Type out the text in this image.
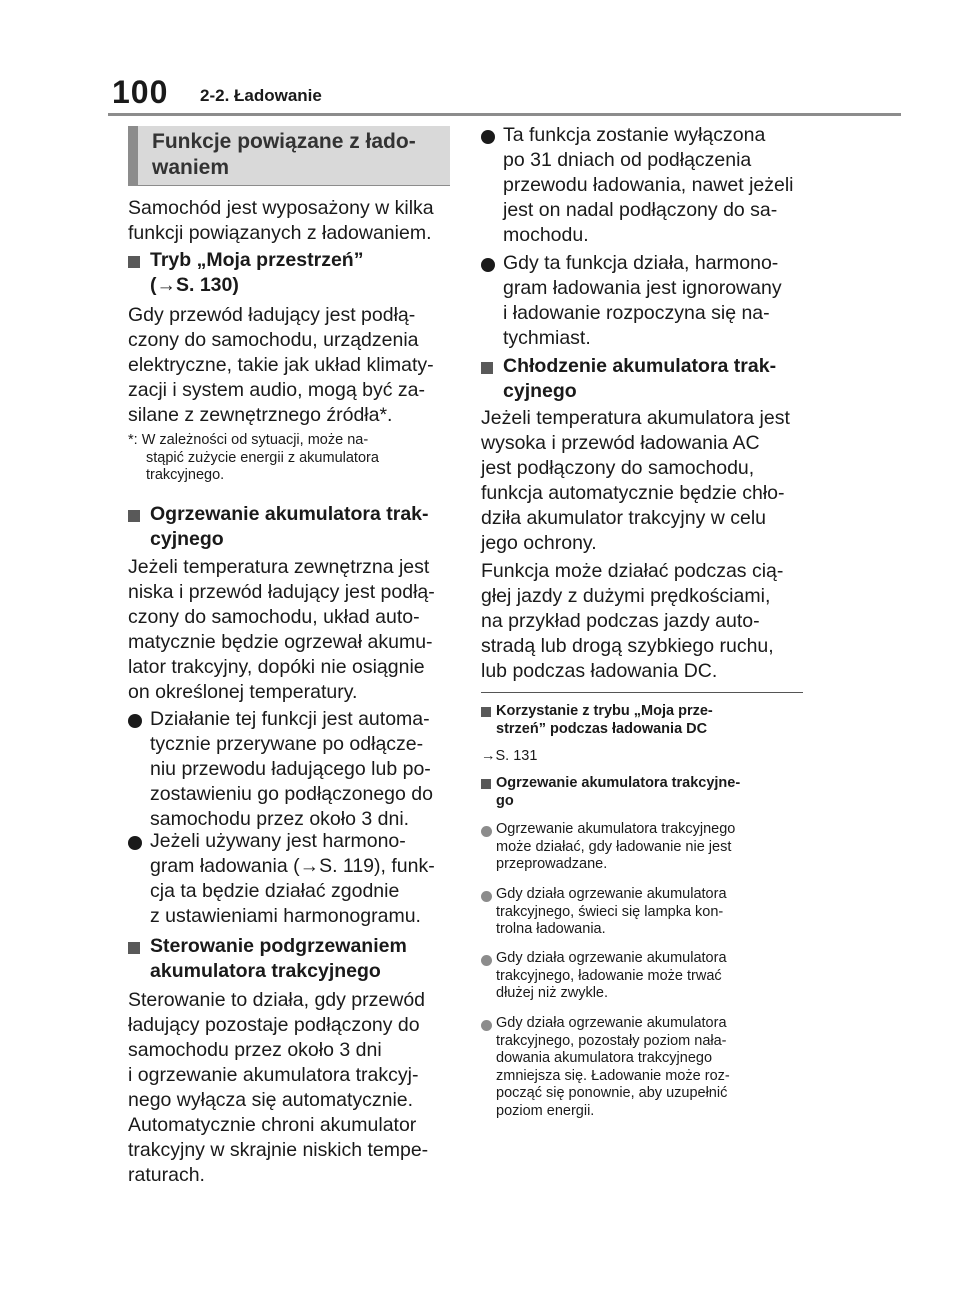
100 2-2. Ładowanie
Funkcje powiązane z łado-
waniem
Samochód jest wyposażony w kilka
funkcji powiązanych z ładowaniem.
Tryb „Moja przestrzeń”
(→S. 130)
Gdy przewód ładujący jest podłą-
czony do samochodu, urządzenia
elektryczne, takie jak układ klimaty-
zacji i system audio, mogą być za-
silane z zewnętrznego źródła*.
*: W zależności od sytuacji, może na-
stąpić zużycie energii z akumulatora
trakcyjnego.
Ogrzewanie akumulatora trak-
cyjnego
Jeżeli temperatura zewnętrzna jest
niska i przewód ładujący jest podłą-
czony do samochodu, układ auto-
matycznie będzie ogrzewał akumu-
lator trakcyjny, dopóki nie osiągnie
on określonej temperatury.
Działanie tej funkcji jest automa-
tycznie przerywane po odłącze-
niu przewodu ładującego lub po-
zostawieniu go podłączonego do
samochodu przez około 3 dni.
Jeżeli używany jest harmono-
gram ładowania (→S. 119), funk-
cja ta będzie działać zgodnie
z ustawieniami harmonogramu.
Sterowanie podgrzewaniem
akumulatora trakcyjnego
Sterowanie to działa, gdy przewód
ładujący pozostaje podłączony do
samochodu przez około 3 dni
i ogrzewanie akumulatora trakcyj-
nego wyłącza się automatycznie.
Automatycznie chroni akumulator
trakcyjny w skrajnie niskich tempe-
raturach.
Ta funkcja zostanie wyłączona
po 31 dniach od podłączenia
przewodu ładowania, nawet jeżeli
jest on nadal podłączony do sa-
mochodu.
Gdy ta funkcja działa, harmono-
gram ładowania jest ignorowany
i ładowanie rozpoczyna się na-
tychmiast.
Chłodzenie akumulatora trak-
cyjnego
Jeżeli temperatura akumulatora jest
wysoka i przewód ładowania AC
jest podłączony do samochodu,
funkcja automatycznie będzie chło-
dziła akumulator trakcyjny w celu
jego ochrony.
Funkcja może działać podczas cią-
głej jazdy z dużymi prędkościami,
na przykład podczas jazdy auto-
stradą lub drogą szybkiego ruchu,
lub podczas ładowania DC.
Korzystanie z trybu „Moja prze-
strzeń” podczas ładowania DC
→S. 131
Ogrzewanie akumulatora trakcyjne-
go
Ogrzewanie akumulatora trakcyjnego
może działać, gdy ładowanie nie jest
przeprowadzane.
Gdy działa ogrzewanie akumulatora
trakcyjnego, świeci się lampka kon-
trolna ładowania.
Gdy działa ogrzewanie akumulatora
trakcyjnego, ładowanie może trwać
dłużej niż zwykle.
Gdy działa ogrzewanie akumulatora
trakcyjnego, pozostały poziom nała-
dowania akumulatora trakcyjnego
zmniejsza się. Ładowanie może roz-
począć się ponownie, aby uzupełnić
poziom energii.
